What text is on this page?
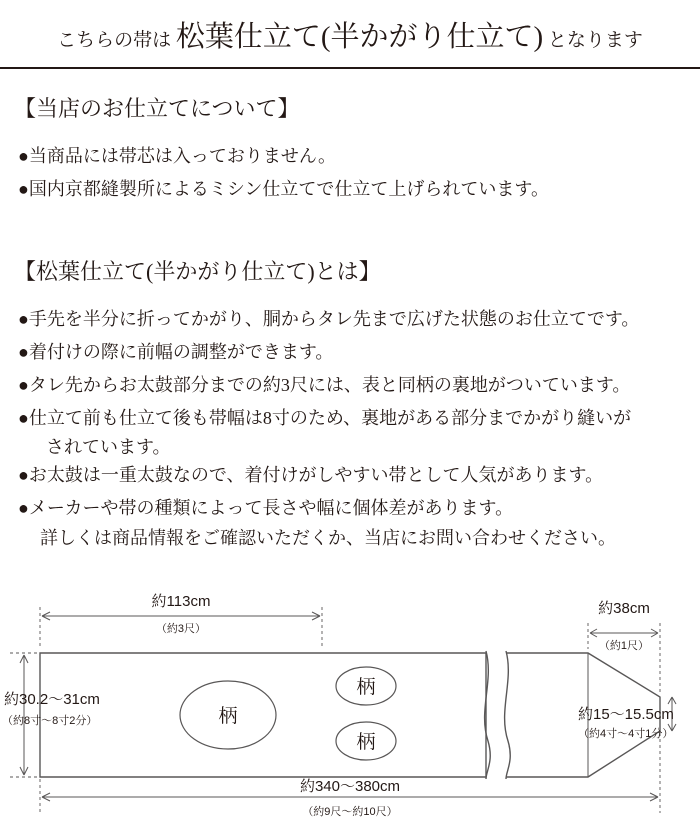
こちらの帯は 松葉仕立て(半かがり仕立て) となります
【当店のお仕立てについて】
●当商品には帯芯は入っておりません。
●国内京都縫製所によるミシン仕立てで仕立て上げられています。
【松葉仕立て(半かがり仕立て)とは】
●手先を半分に折ってかがり、胴からタレ先まで広げた状態のお仕立てです。
●着付けの際に前幅の調整ができます。
●タレ先からお太鼓部分までの約3尺には、表と同柄の裏地がついています。
●仕立て前も仕立て後も帯幅は8寸のため、裏地がある部分までかがり縫いが
されています。
●お太鼓は一重太鼓なので、着付けがしやすい帯として人気があります。
●メーカーや帯の種類によって長さや幅に個体差があります。
詳しくは商品情報をご確認いただくか、当店にお問い合わせください。
柄
柄
柄
約113cm
（約3尺）
約30.2〜31cm
（約8寸〜8寸2分）
約38cm
（約1尺）
約15〜15.5cm
（約4寸〜4寸1分）
約340〜380cm
（約9尺〜約10尺）
